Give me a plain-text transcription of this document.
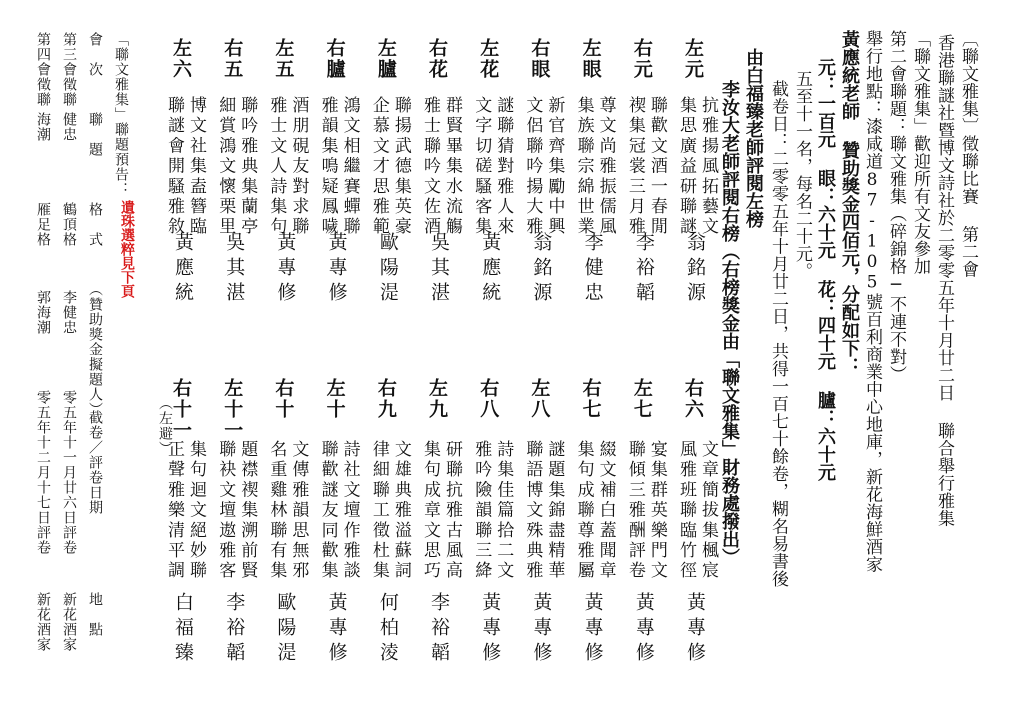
〔聯文雅集〕徵聯比賽 第二會
香港聯謎社暨博文詩社於二零零五年十月廿二日 聯合舉行雅集
「聯文雅集」歡迎所有文友參加
第二會聯題：聯文雅集（碎錦格─不連不對）
舉行地點：漆咸道87-105號百利商業中心地庫，新花海鮮酒家
黃應統老師 贊助獎金四佰元，分配如下：
元：一百元 眼：六十元 花：四十元 臚：六十元
五至十一名，每名二十元。
截卷日：二零零五年十月廿二日，共得一百七十餘卷，糊名易書後
由白福臻老師評閱左榜
李汝大老師評閱右榜（右榜獎金由「聯文雅集」財務處撥出）
左元
集思廣益研聯謎 抗雅揚風拓藝文
翁銘源
右元
禊集冠裳三月雅 聯歡文酒一春閒
李裕韜
左眼
集族聯宗綿世業 尊文尚雅振儒風
李健忠
右眼
文侶聯吟揚大雅 新官齊集勵中興
翁銘源
左花
文字切磋騷客集 謎聯猜對雅人來
黃應統
右花
雅士聯吟文佐酒 群賢畢集水流觴
吳其湛
左臚
企慕文才思雅範 聯揚武德集英豪
歐陽湜
右臚
雅韻集鳴疑鳳噦 鴻文相繼賽蟬聯
黃專修
左五
雅士文人詩集句 酒朋硯友對求聯
黃專修
右五
細賞鴻文懷栗里 聯吟雅典集蘭亭
吳其湛
左六
聯謎會開騷雅敘 博文社集盍簪臨
黃應統
右六
風雅班聯臨竹徑 文章簡拔集楓宸
黃專修
左七
聯傾三雅酬評卷 宴集群英樂門文
黃專修
右七
集句成聯尊雅屬 綴文補白蓋聞章
黃專修
左八
聯語博文殊典雅 謎題集錦盡精華
黃專修
右八
雅吟險韻聯三絳 詩集佳篇拾二文
黃專修
左九
集句成章文思巧 研聯抗雅古風高
李裕韜
右九
律細聯工徵杜集 文雄典雅溢蘇詞
何柏淩
左十
聯歡謎友同歡集 詩社文壇作雅談
黃專修
右十
名重雞林聯有集 文傳雅韻思無邪
歐陽湜
左十一
聯袂文壇遨雅客 題襟禊集溯前賢
李裕韜
右十一
（左避）
正聲雅樂清平調 集句迴文絕妙聯
白福臻
「聯文雅集」聯題預告：
遺珠選粹見下頁
會　次
聯　題
格　式
（贊助獎金擬題人）
截卷／評卷日期
地　點
第三會徵聯
健忠
鶴頂格
李健忠
零五年十一月廿六日評卷
新花酒家
第四會徵聯
海潮
雁足格
郭海潮
零五年十二月十七日評卷
新花酒家
